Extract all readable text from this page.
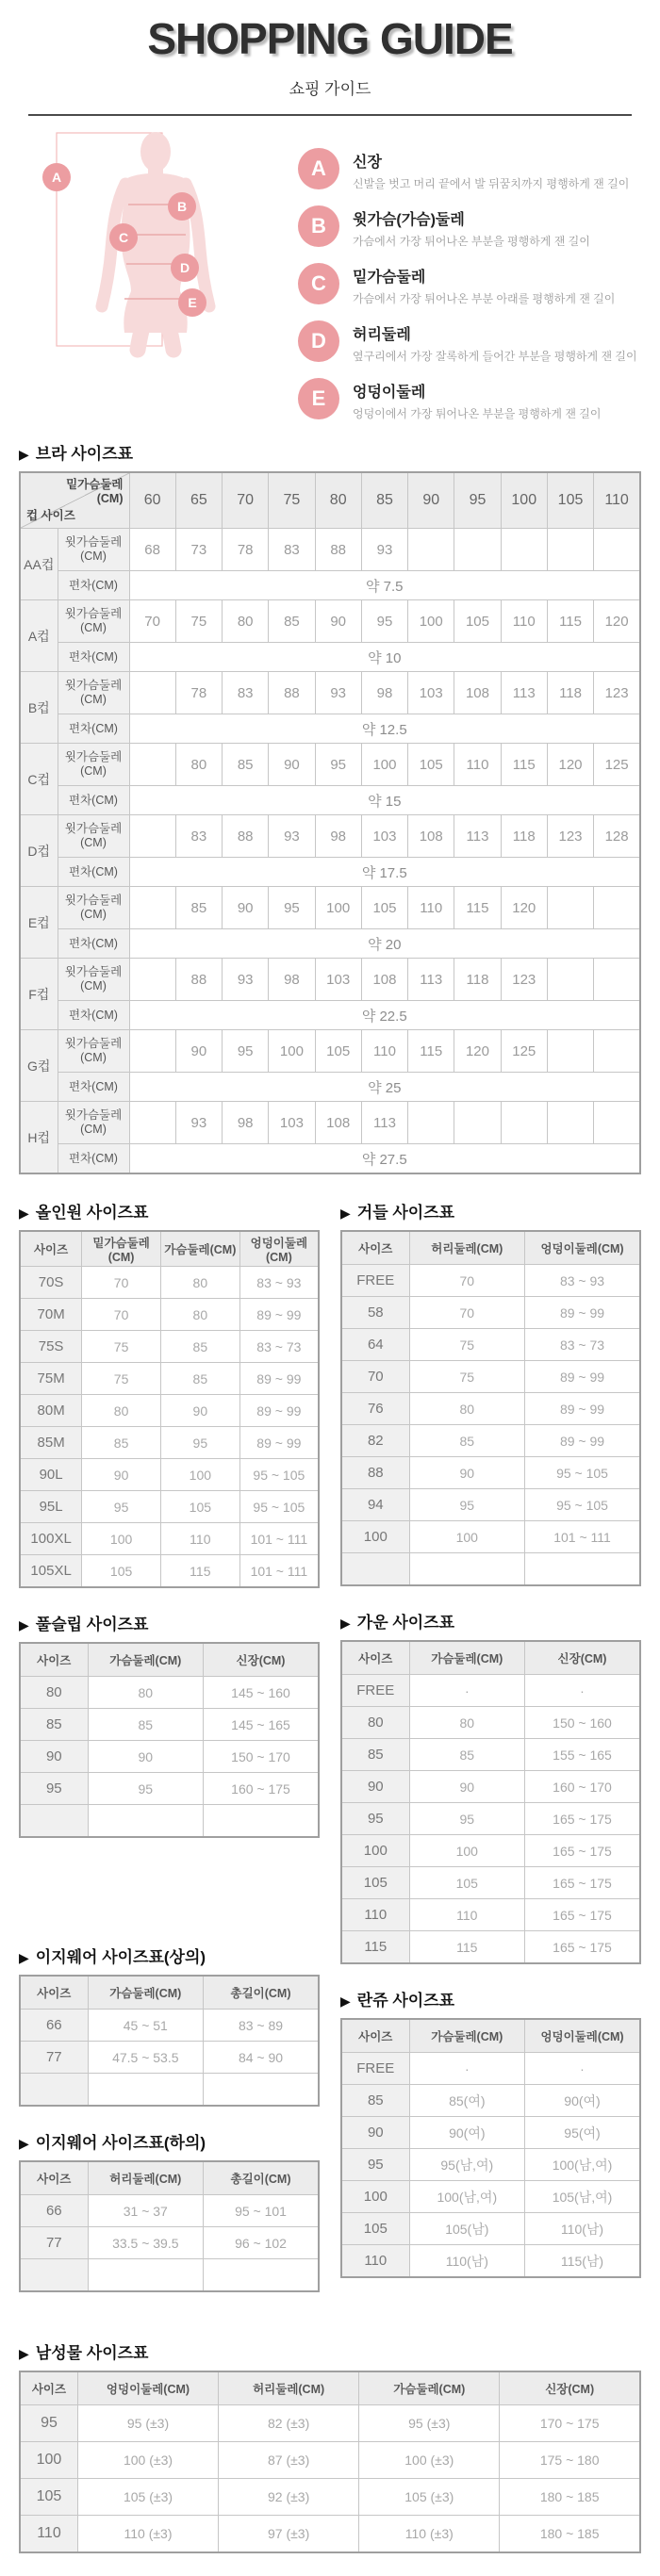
SHOPPING GUIDE
쇼핑 가이드
A
B
C
D
E
A	신장
신발을 벗고 머리 끝에서 발 뒤꿈치까지 평행하게 잰 길이
B	윗가슴(가슴)둘레
가슴에서 가장 튀어나온 부분을 평행하게 잰 길이
C	밑가슴둘레
가슴에서 가장 튀어나온 부분 아래를 평행하게 잰 길이
D	허리둘레
옆구리에서 가장 잘록하게 들어간 부분을 평행하게 잰 길이
E	엉덩이둘레
엉덩이에서 가장 튀어나온 부분을 평행하게 잰 길이
▶ 브라 사이즈표
밑가슴둘레 (CM)
컵 사이즈		60	65	70	75	80	85	90	95	100	105	110
AA컵	윗가슴둘레 (CM)	68	73	78	83	88	93					
	편차(CM)	약 7.5										
A컵	윗가슴둘레 (CM)	70	75	80	85	90	95	100	105	110	115	120
	편차(CM)	약 10										
B컵	윗가슴둘레 (CM)		78	83	88	93	98	103	108	113	118	123
	편차(CM)	약 12.5										
C컵	윗가슴둘레 (CM)		80	85	90	95	100	105	110	115	120	125
	편차(CM)	약 15										
D컵	윗가슴둘레 (CM)		83	88	93	98	103	108	113	118	123	128
	편차(CM)	약 17.5										
E컵	윗가슴둘레 (CM)		85	90	95	100	105	110	115	120		
	편차(CM)	약 20										
F컵	윗가슴둘레 (CM)		88	93	98	103	108	113	118	123		
	편차(CM)	약 22.5										
G컵	윗가슴둘레 (CM)		90	95	100	105	110	115	120	125		
	편차(CM)	약 25										
H컵	윗가슴둘레 (CM)		93	98	103	108	113					
	편차(CM)	약 27.5										
▶ 올인원 사이즈표
사이즈	밑가슴둘레(CM)	가슴둘레(CM)	엉덩이둘레(CM)
70S	70	80	83 ~ 93
70M	70	80	89 ~ 99
75S	75	85	83 ~ 73
75M	75	85	89 ~ 99
80M	80	90	89 ~ 99
85M	85	95	89 ~ 99
90L	90	100	95 ~ 105
95L	95	105	95 ~ 105
100XL	100	110	101 ~ 111
105XL	105	115	101 ~ 111
▶ 풀슬립 사이즈표
사이즈	가슴둘레(CM)	신장(CM)
80	80	145 ~ 160
85	85	145 ~ 165
90	90	150 ~ 170
95	95	160 ~ 175

▶ 이지웨어 사이즈표(상의)
사이즈	가슴둘레(CM)	총길이(CM)
66	45 ~ 51	83 ~ 89
77	47.5 ~ 53.5	84 ~ 90

▶ 이지웨어 사이즈표(하의)
사이즈	허리둘레(CM)	총길이(CM)
66	31 ~ 37	95 ~ 101
77	33.5 ~ 39.5	96 ~ 102

▶ 거들 사이즈표
사이즈	허리둘레(CM)	엉덩이둘레(CM)
FREE	70	83 ~ 93
58	70	89 ~ 99
64	75	83 ~ 73
70	75	89 ~ 99
76	80	89 ~ 99
82	85	89 ~ 99
88	90	95 ~ 105
94	95	95 ~ 105
100	100	101 ~ 111

▶ 가운 사이즈표
사이즈	가슴둘레(CM)	신장(CM)
FREE	·	·
80	80	150 ~ 160
85	85	155 ~ 165
90	90	160 ~ 170
95	95	165 ~ 175
100	100	165 ~ 175
105	105	165 ~ 175
110	110	165 ~ 175
115	115	165 ~ 175
▶ 란쥬 사이즈표
사이즈	가슴둘레(CM)	엉덩이둘레(CM)
FREE	·	·
85	85(여)	90(여)
90	90(여)	95(여)
95	95(남,여)	100(남,여)
100	100(남,여)	105(남,여)
105	105(남)	110(남)
110	110(남)	115(남)
▶ 남성물 사이즈표
사이즈	엉덩이둘레(CM)	허리둘레(CM)	가슴둘레(CM)	신장(CM)
95	95 (±3)	82 (±3)	95 (±3)	170 ~ 175
100	100 (±3)	87 (±3)	100 (±3)	175 ~ 180
105	105 (±3)	92 (±3)	105 (±3)	180 ~ 185
110	110 (±3)	97 (±3)	110 (±3)	180 ~ 185
